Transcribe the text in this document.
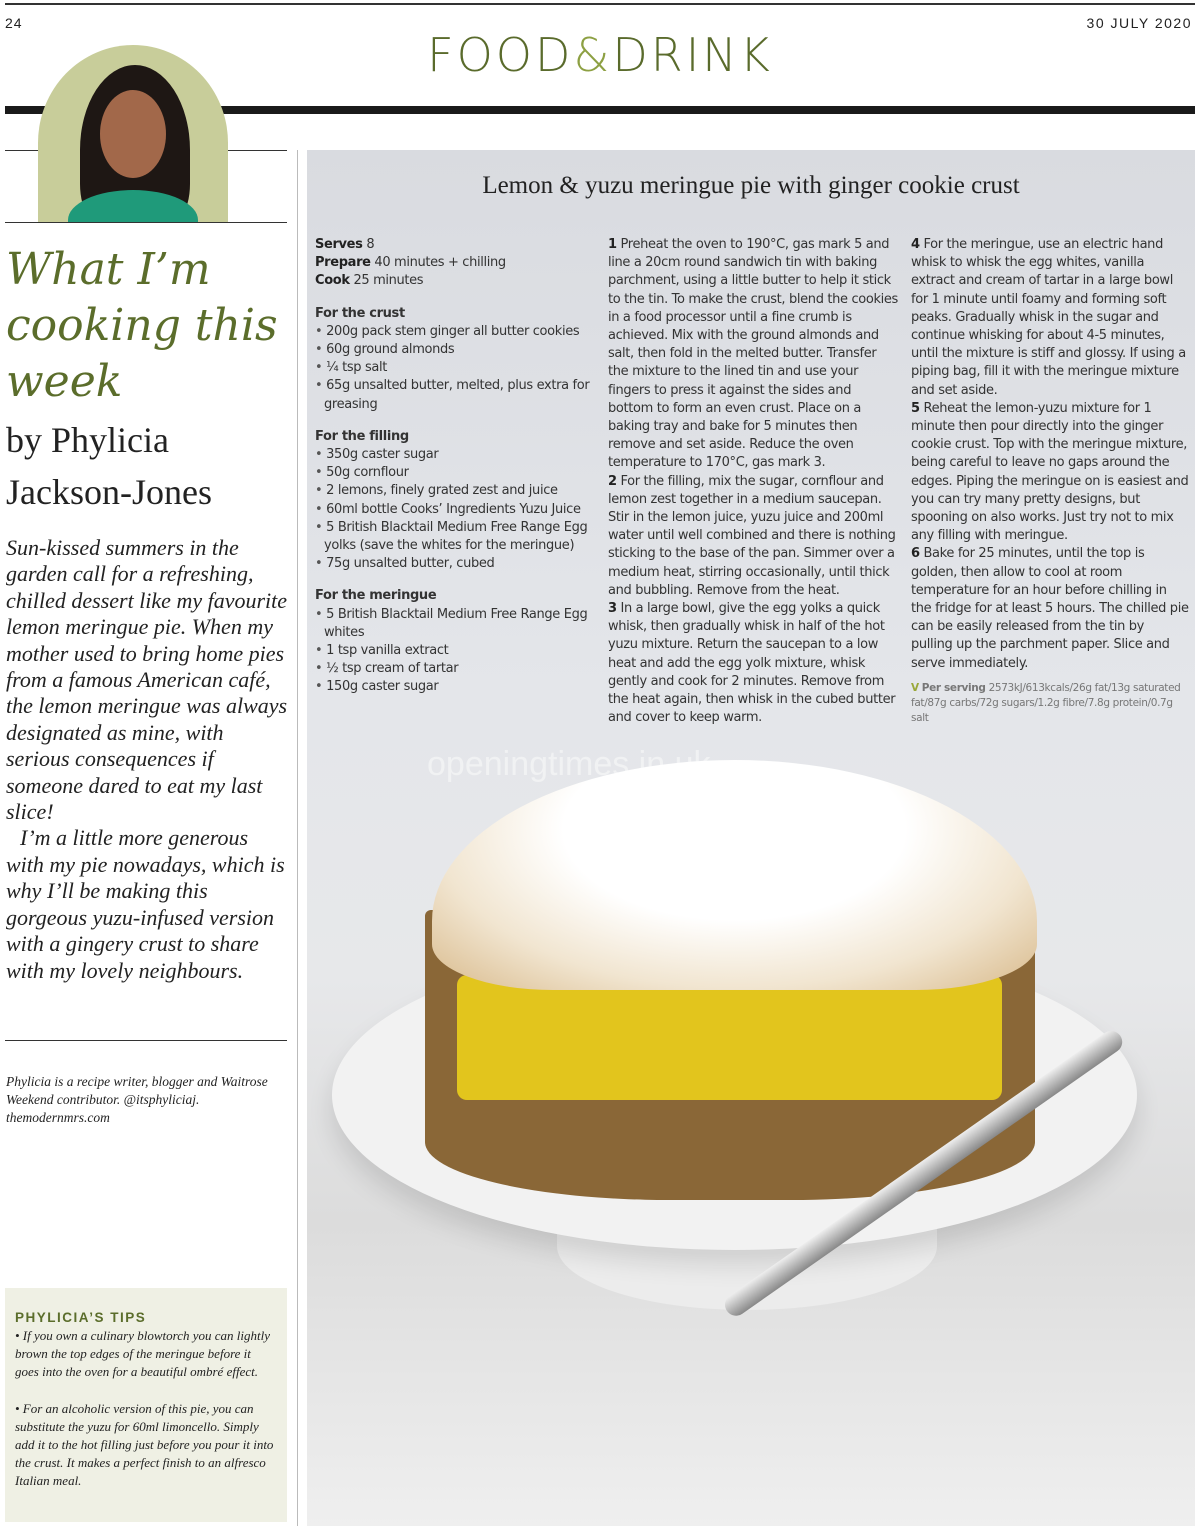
24	30 JULY 2020
FOOD&DRINK
What I’m cooking this week
by Phylicia Jackson-Jones

Sun-kissed summers in the garden call for a refreshing, chilled dessert like my favourite lemon meringue pie. When my mother used to bring home pies from a famous American café, the lemon meringue was always designated as mine, with serious consequences if someone dared to eat my last slice!

I’m a little more generous with my pie nowadays, which is why I’ll be making this gorgeous yuzu-infused version with a gingery crust to share with my lovely neighbours.

Phylicia is a recipe writer, blogger and Waitrose Weekend contributor. @itsphyliciaj. themodernmrs.com
PHYLICIA’S TIPS

• If you own a culinary blowtorch you can lightly brown the top edges of the meringue before it goes into the oven for a beautiful ombré effect.

• For an alcoholic version of this pie, you can substitute the yuzu for 60ml limoncello. Simply add it to the hot filling just before you pour it into the crust. It makes a perfect finish to an alfresco Italian meal.

openingtimes.in.uk
Lemon & yuzu meringue pie with ginger cookie crust
Serves 8
Prepare 40 minutes + chilling
Cook 25 minutes
For the crust
• 200g pack stem ginger all butter cookies
• 60g ground almonds
• ¼ tsp salt
• 65g unsalted butter, melted, plus extra for greasing
For the filling
• 350g caster sugar
• 50g cornflour
• 2 lemons, finely grated zest and juice
• 60ml bottle Cooks’ Ingredients Yuzu Juice
• 5 British Blacktail Medium Free Range Egg yolks (save the whites for the meringue)
• 75g unsalted butter, cubed
For the meringue
• 5 British Blacktail Medium Free Range Egg whites
• 1 tsp vanilla extract
• ½ tsp cream of tartar
• 150g caster sugar

1 Preheat the oven to 190°C, gas mark 5 and line a 20cm round sandwich tin with baking parchment, using a little butter to help it stick to the tin. To make the crust, blend the cookies in a food processor until a fine crumb is achieved. Mix with the ground almonds and salt, then fold in the melted butter. Transfer the mixture to the lined tin and use your fingers to press it against the sides and bottom to form an even crust. Place on a baking tray and bake for 5 minutes then remove and set aside. Reduce the oven temperature to 170°C, gas mark 3.

2 For the filling, mix the sugar, cornflour and lemon zest together in a medium saucepan. Stir in the lemon juice, yuzu juice and 200ml water until well combined and there is nothing sticking to the base of the pan. Simmer over a medium heat, stirring occasionally, until thick and bubbling. Remove from the heat.

3 In a large bowl, give the egg yolks a quick whisk, then gradually whisk in half of the hot yuzu mixture. Return the saucepan to a low heat and add the egg yolk mixture, whisk gently and cook for 2 minutes. Remove from the heat again, then whisk in the cubed butter and cover to keep warm.

4 For the meringue, use an electric hand whisk to whisk the egg whites, vanilla extract and cream of tartar in a large bowl for 1 minute until foamy and forming soft peaks. Gradually whisk in the sugar and continue whisking for about 4-5 minutes, until the mixture is stiff and glossy. If using a piping bag, fill it with the meringue mixture and set aside.

5 Reheat the lemon-yuzu mixture for 1 minute then pour directly into the ginger cookie crust. Top with the meringue mixture, being careful to leave no gaps around the edges. Piping the meringue on is easiest and you can try many pretty designs, but spooning on also works. Just try not to mix any filling with meringue.

6 Bake for 25 minutes, until the top is golden, then allow to cool at room temperature for an hour before chilling in the fridge for at least 5 hours. The chilled pie can be easily released from the tin by pulling up the parchment paper. Slice and serve immediately.

V Per serving 2573kJ/613kcals/26g fat/13g saturated fat/87g carbs/72g sugars/1.2g fibre/7.8g protein/0.7g salt
